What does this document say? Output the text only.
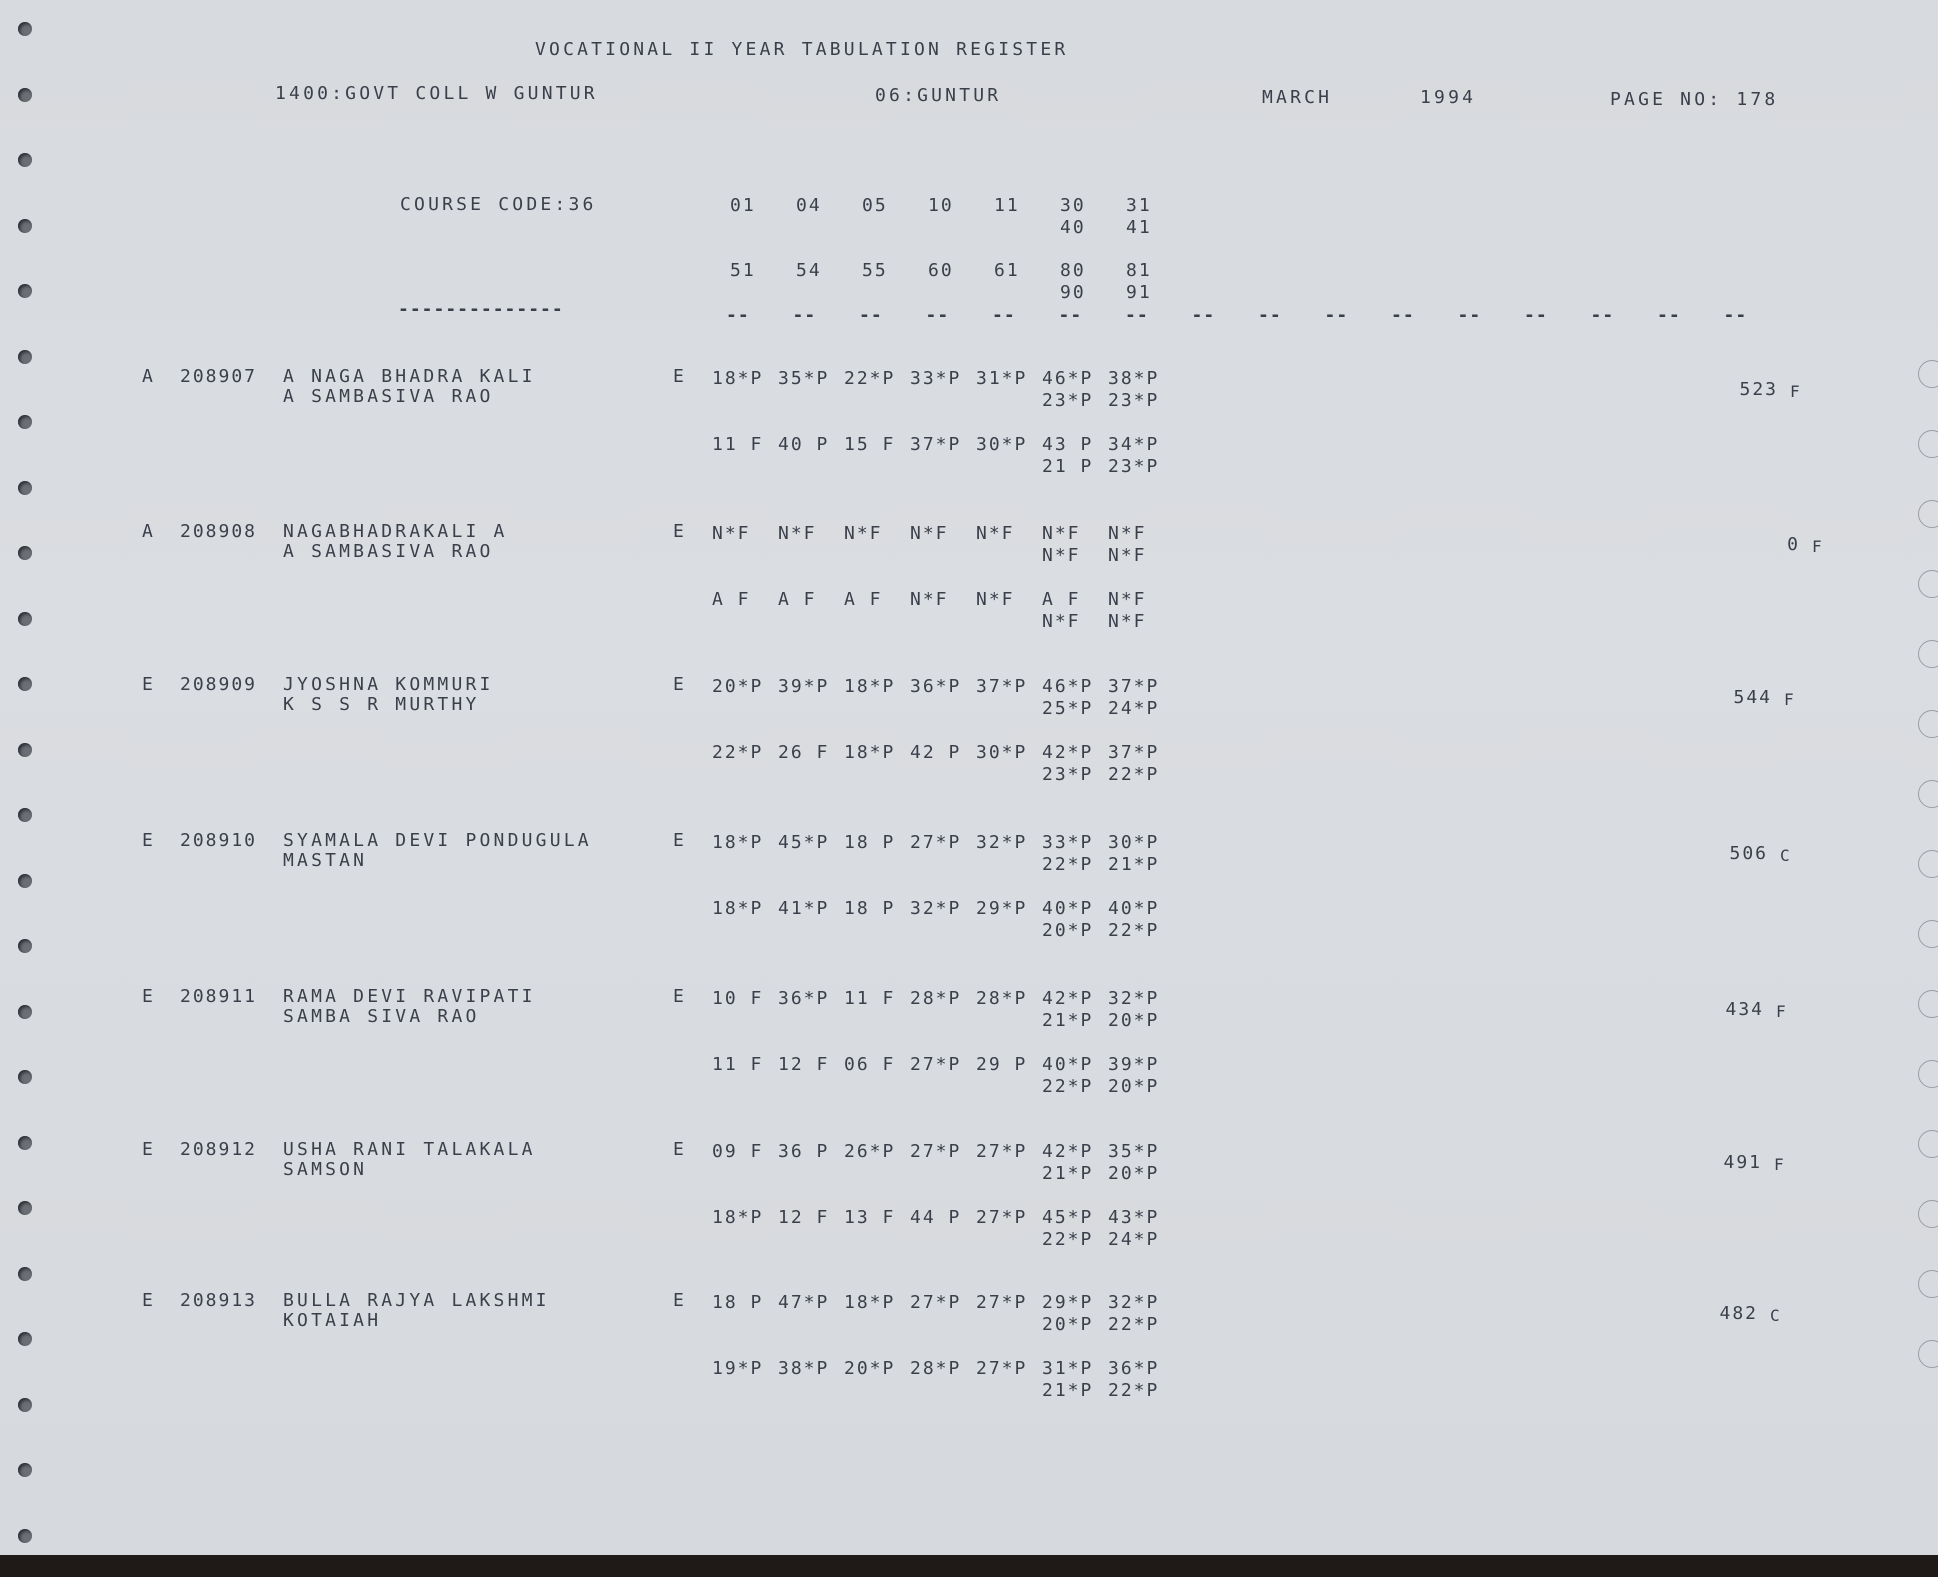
VOCATIONAL II YEAR TABULATION REGISTER
1400:GOVT COLL W GUNTUR	06:GUNTUR	MARCH	1994	PAGE NO: 178
COURSE CODE:36
--------------
01 04 05 10 11 30 31
40 41
51 54 55 60 61 80 81
90 91
-- -- -- -- -- -- -- -- -- -- -- -- -- -- -- --
A 208907 A NAGA BHADRA KALI
A SAMBASIVA RAO
E 18*P 35*P 22*P 33*P 31*P 46*P 38*P
23*P 23*P
11 F 40 P 15 F 37*P 30*P 43 P 34*P
21 P 23*P
523 F
A 208908 NAGABHADRAKALI A
A SAMBASIVA RAO
E N*F N*F N*F N*F N*F N*F N*F
N*F N*F
A F A F A F N*F N*F A F N*F
N*F N*F
0 F
E 208909 JYOSHNA KOMMURI
K S S R MURTHY
E 20*P 39*P 18*P 36*P 37*P 46*P 37*P
25*P 24*P
22*P 26 F 18*P 42 P 30*P 42*P 37*P
23*P 22*P
544 F
E 208910 SYAMALA DEVI PONDUGULA
MASTAN
E 18*P 45*P 18 P 27*P 32*P 33*P 30*P
22*P 21*P
18*P 41*P 18 P 32*P 29*P 40*P 40*P
20*P 22*P
506 C
E 208911 RAMA DEVI RAVIPATI
SAMBA SIVA RAO
E 10 F 36*P 11 F 28*P 28*P 42*P 32*P
21*P 20*P
11 F 12 F 06 F 27*P 29 P 40*P 39*P
22*P 20*P
434 F
E 208912 USHA RANI TALAKALA
SAMSON
E 09 F 36 P 26*P 27*P 27*P 42*P 35*P
21*P 20*P
18*P 12 F 13 F 44 P 27*P 45*P 43*P
22*P 24*P
491 F
E 208913 BULLA RAJYA LAKSHMI
KOTAIAH
E 18 P 47*P 18*P 27*P 27*P 29*P 32*P
20*P 22*P
19*P 38*P 20*P 28*P 27*P 31*P 36*P
21*P 22*P
482 C
